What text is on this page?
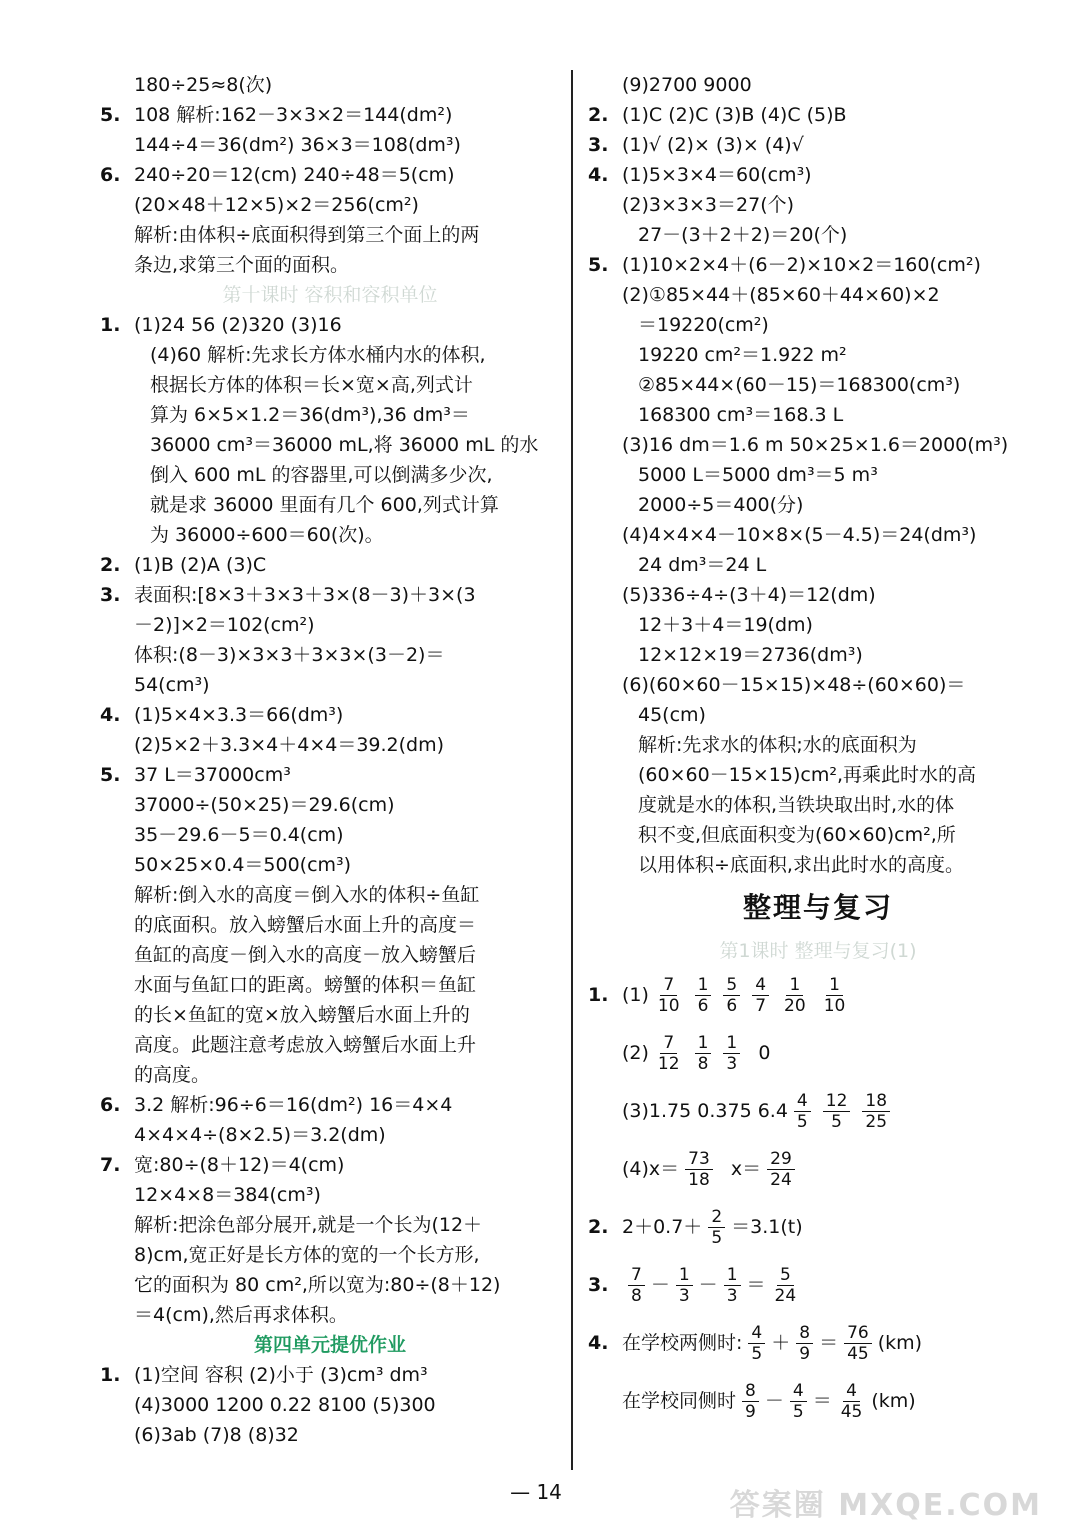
180÷25≈8(次)
5. 108 解析:162－3×3×2＝144(dm²)
144÷4＝36(dm²) 36×3＝108(dm³)
6. 240÷20＝12(cm) 240÷48＝5(cm)
(20×48＋12×5)×2＝256(cm²)
解析:由体积÷底面积得到第三个面上的两
条边,求第三个面的面积。
第十课时 容积和容积单位
1. (1)24 56 (2)320 (3)16
(4)60 解析:先求长方体水桶内水的体积,
根据长方体的体积＝长×宽×高,列式计
算为 6×5×1.2＝36(dm³),36 dm³＝
36000 cm³＝36000 mL,将 36000 mL 的水
倒入 600 mL 的容器里,可以倒满多少次,
就是求 36000 里面有几个 600,列式计算
为 36000÷600＝60(次)。
2. (1)B (2)A (3)C
3. 表面积:[8×3＋3×3＋3×(8－3)＋3×(3
－2)]×2＝102(cm²)
体积:(8－3)×3×3＋3×3×(3－2)＝
54(cm³)
4. (1)5×4×3.3＝66(dm³)
(2)5×2＋3.3×4＋4×4＝39.2(dm)
5. 37 L＝37000cm³
37000÷(50×25)＝29.6(cm)
35－29.6－5＝0.4(cm)
50×25×0.4＝500(cm³)
解析:倒入水的高度＝倒入水的体积÷鱼缸
的底面积。放入螃蟹后水面上升的高度＝
鱼缸的高度－倒入水的高度－放入螃蟹后
水面与鱼缸口的距离。螃蟹的体积＝鱼缸
的长×鱼缸的宽×放入螃蟹后水面上升的
高度。此题注意考虑放入螃蟹后水面上升
的高度。
6. 3.2 解析:96÷6＝16(dm²) 16＝4×4
4×4×4÷(8×2.5)＝3.2(dm)
7. 宽:80÷(8＋12)＝4(cm)
12×4×8＝384(cm³)
解析:把涂色部分展开,就是一个长为(12＋
8)cm,宽正好是长方体的宽的一个长方形,
它的面积为 80 cm²,所以宽为:80÷(8＋12)
＝4(cm),然后再求体积。
第四单元提优作业
1. (1)空间 容积 (2)小于 (3)cm³ dm³
(4)3000 1200 0.22 8100 (5)300
(6)3ab (7)8 (8)32
(9)2700 9000
2. (1)C (2)C (3)B (4)C (5)B
3. (1)√ (2)× (3)× (4)√
4. (1)5×3×4＝60(cm³)
(2)3×3×3＝27(个)
27－(3＋2＋2)＝20(个)
5. (1)10×2×4＋(6－2)×10×2＝160(cm²)
(2)①85×44＋(85×60＋44×60)×2
＝19220(cm²)
19220 cm²＝1.922 m²
②85×44×(60－15)＝168300(cm³)
168300 cm³＝168.3 L
(3)16 dm＝1.6 m 50×25×1.6＝2000(m³)
5000 L＝5000 dm³＝5 m³
2000÷5＝400(分)
(4)4×4×4－10×8×(5－4.5)＝24(dm³)
24 dm³＝24 L
(5)336÷4÷(3＋4)＝12(dm)
12＋3＋4＝19(dm)
12×12×19＝2736(dm³)
(6)(60×60－15×15)×48÷(60×60)＝
45(cm)
解析:先求水的体积;水的底面积为
(60×60－15×15)cm²,再乘此时水的高
度就是水的体积,当铁块取出时,水的体
积不变,但底面积变为(60×60)cm²,所
以用体积÷底面积,求出此时水的高度。
整理与复习
第1课时 整理与复习(1)
1. $(1) \frac{7}{10} \frac{1}{6} \frac{5}{6} \frac{4}{7} \frac{1}{20} \frac{1}{10}$
$(2) \frac{7}{12} \frac{1}{8} \frac{1}{3} 0$
(3)1.75 0.375 $6.4 \frac{4}{5} \frac{12}{5} \frac{18}{25}$
$(4)x= \frac{73}{18} x= \frac{29}{24}$
2. $2+0.7+ \frac{2}{5} =3.1(t)$
3. $\frac{7}{8} - \frac{1}{3} - \frac{1}{3} = \frac{5}{24}$
4. 在学校两侧时: $\frac{4}{5} + \frac{8}{9} = \frac{76}{45} (km)$
在学校同侧时 $\frac{8}{9} - \frac{4}{5} = \frac{4}{45} (km)$
— 14	答案圈 MXQE.COM
